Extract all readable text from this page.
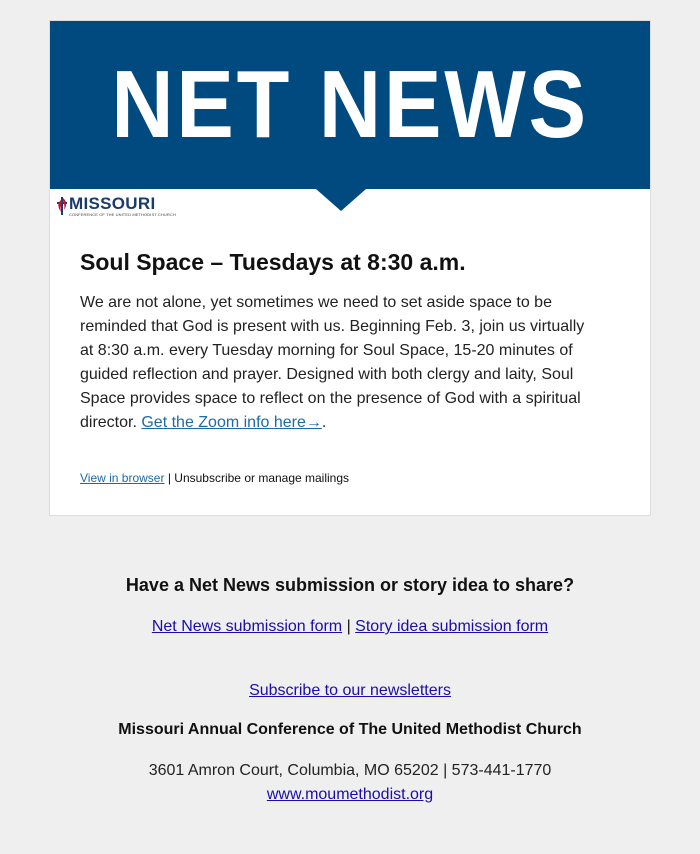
NET NEWS
MISSOURI
CONFERENCE OF THE UNITED METHODIST CHURCH
Soul Space – Tuesdays at 8:30 a.m.

We are not alone, yet sometimes we need to set aside space to be reminded that God is present with us. Beginning Feb. 3, join us virtually at 8:30 a.m. every Tuesday morning for Soul Space, 15-20 minutes of guided reflection and prayer. Designed with both clergy and laity, Soul Space provides space to reflect on the presence of God with a spiritual director. Get the Zoom info here→.

View in browser | Unsubscribe or manage mailings
Have a Net News submission or story idea to share?
Net News submission form | Story idea submission form
Subscribe to our newsletters
Missouri Annual Conference of The United Methodist Church
3601 Amron Court, Columbia, MO 65202 | 573-441-1770
www.moumethodist.org
